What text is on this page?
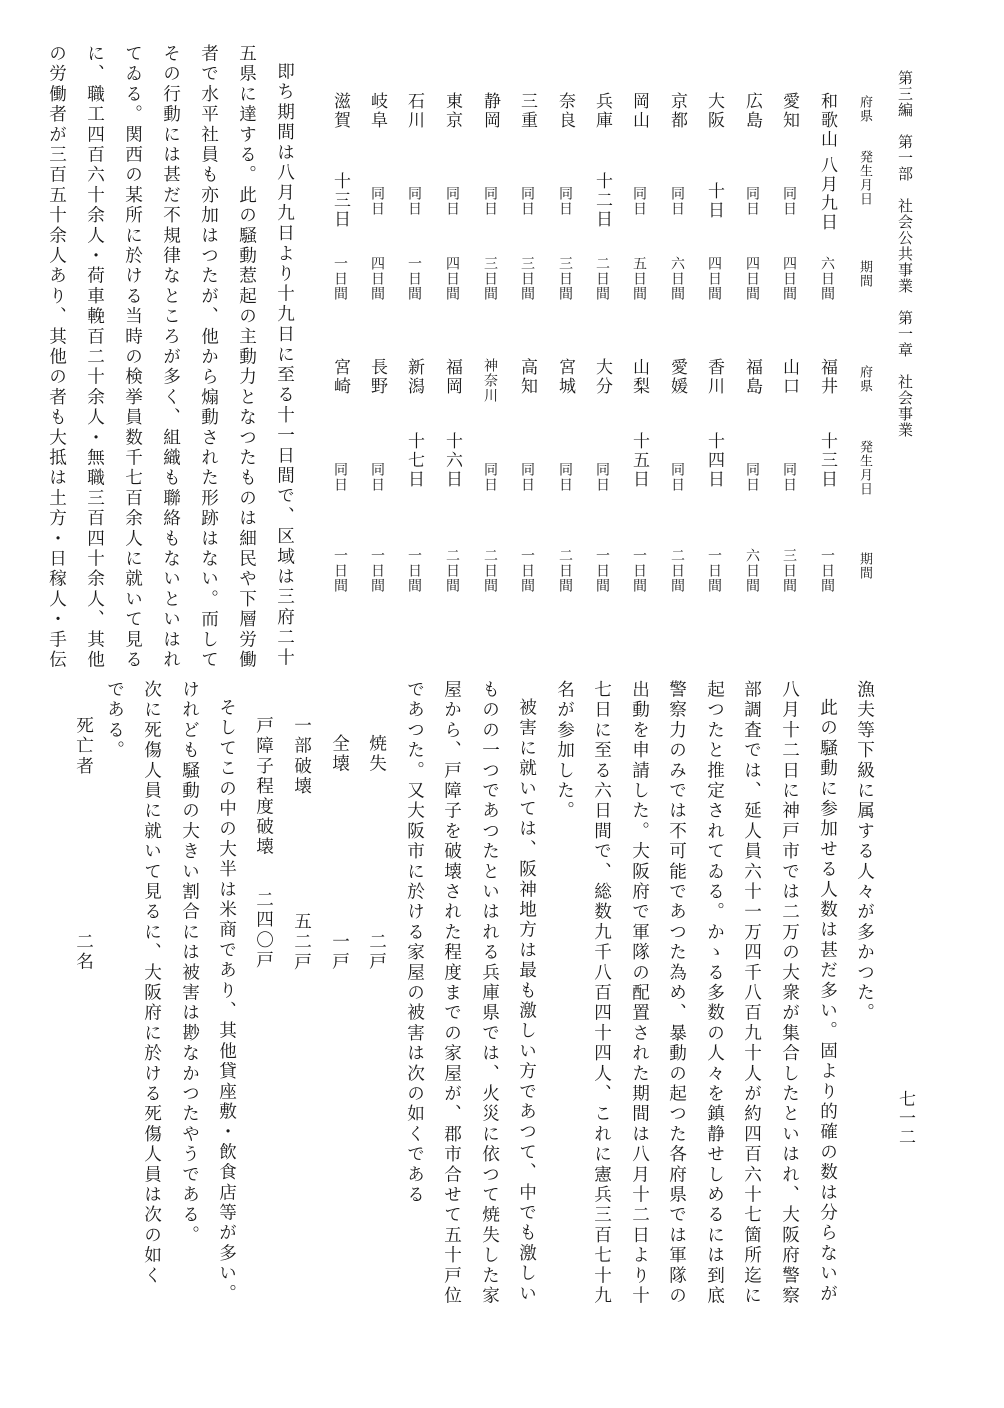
第三編　第一部　社会公共事業　第一章　社会事業
七一二
府県
発生月日
期間
府県
発生月日
期間
和歌山
八月九日
六日間
福井
十三日
一日間
愛知
同日
四日間
山口
同日
三日間
広島
同日
四日間
福島
同日
六日間
大阪
十日
四日間
香川
十四日
一日間
京都
同日
六日間
愛媛
同日
二日間
岡山
同日
五日間
山梨
十五日
一日間
兵庫
十二日
二日間
大分
同日
一日間
奈良
同日
三日間
宮城
同日
二日間
三重
同日
三日間
高知
同日
一日間
静岡
同日
三日間
神奈川
同日
二日間
東京
同日
四日間
福岡
十六日
二日間
石川
同日
一日間
新潟
十七日
一日間
岐阜
同日
四日間
長野
同日
一日間
滋賀
十三日
一日間
宮崎
同日
一日間
即ち期間は八月九日より十九日に至る十一日間で、区域は三府二十
五県に達する。此の騒動惹起の主動力となつたものは細民や下層労働
者で水平社員も亦加はつたが、他から煽動された形跡はない。而して
その行動には甚だ不規律なところが多く、組織も聯絡もないといはれ
てゐる。関西の某所に於ける当時の検挙員数千七百余人に就いて見る
に、職工四百六十余人・荷車輓百二十余人・無職三百四十余人、其他
の労働者が三百五十余人あり、其他の者も大抵は土方・日稼人・手伝
漁夫等下級に属する人々が多かつた。
此の騒動に参加せる人数は甚だ多い。固より的確の数は分らないが
八月十二日に神戸市では二万の大衆が集合したといはれ、大阪府警察
部調査では、延人員六十一万四千八百九十人が約四百六十七箇所迄に
起つたと推定されてゐる。かゝる多数の人々を鎮静せしめるには到底
警察力のみでは不可能であつた為め、暴動の起つた各府県では軍隊の
出動を申請した。大阪府で軍隊の配置された期間は八月十二日より十
七日に至る六日間で、総数九千八百四十四人、これに憲兵三百七十九
名が参加した。
被害に就いては、阪神地方は最も激しい方であつて、中でも激しい
ものの一つであつたといはれる兵庫県では、火災に依つて焼失した家
屋から、戸障子を破壊された程度までの家屋が、郡市合せて五十戸位
であつた。又大阪市に於ける家屋の被害は次の如くである
焼失
二戸
全壊
一戸
一部破壊
五二戸
戸障子程度破壊
二四〇戸
そしてこの中の大半は米商であり、其他貸座敷・飲食店等が多い。
けれども騒動の大きい割合には被害は尠なかつたやうである。
次に死傷人員に就いて見るに、大阪府に於ける死傷人員は次の如く
である。
死亡者
二名
